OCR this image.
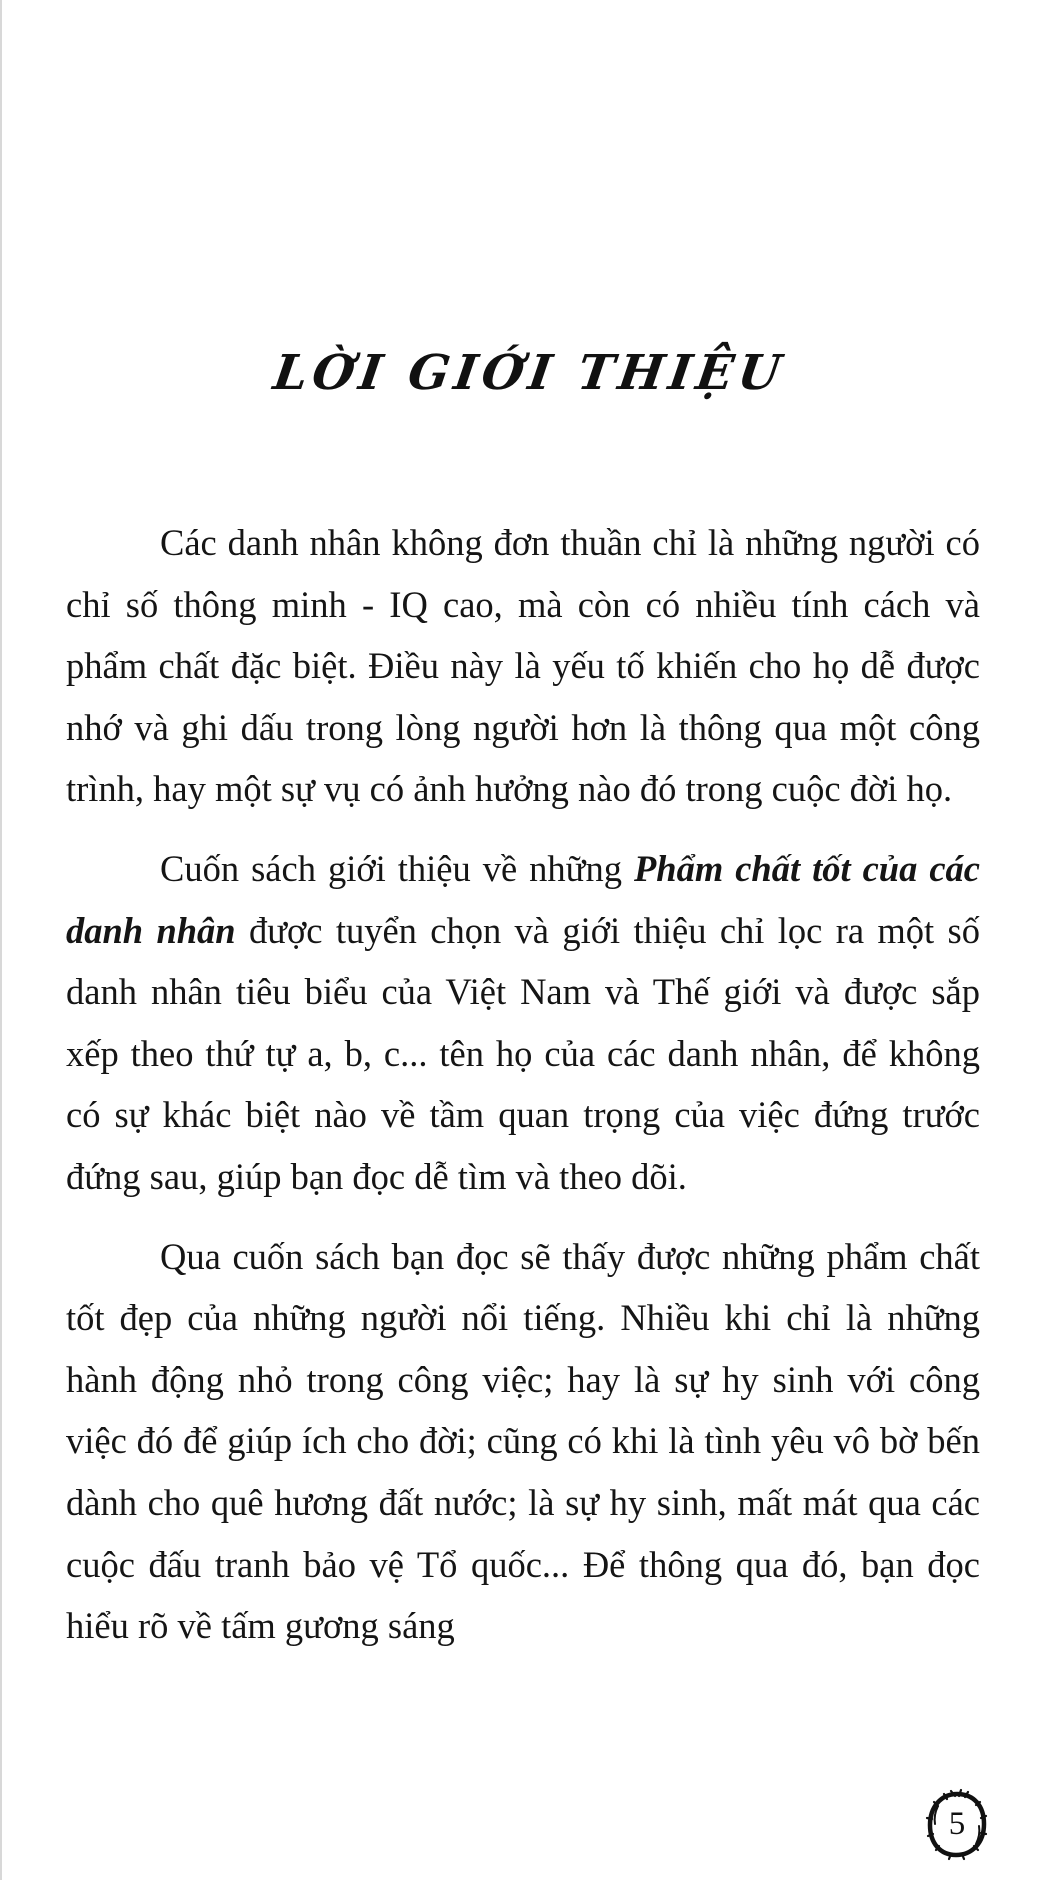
LỜI GIỚI THIỆU

Các danh nhân không đơn thuần chỉ là những người có chỉ số thông minh - IQ cao, mà còn có nhiều tính cách và phẩm chất đặc biệt. Điều này là yếu tố khiến cho họ dễ được nhớ và ghi dấu trong lòng người hơn là thông qua một công trình, hay một sự vụ có ảnh hưởng nào đó trong cuộc đời họ.

Cuốn sách giới thiệu về những Phẩm chất tốt của các danh nhân được tuyển chọn và giới thiệu chỉ lọc ra một số danh nhân tiêu biểu của Việt Nam và Thế giới và được sắp xếp theo thứ tự a, b, c... tên họ của các danh nhân, để không có sự khác biệt nào về tầm quan trọng của việc đứng trước đứng sau, giúp bạn đọc dễ tìm và theo dõi.

Qua cuốn sách bạn đọc sẽ thấy được những phẩm chất tốt đẹp của những người nổi tiếng. Nhiều khi chỉ là những hành động nhỏ trong công việc; hay là sự hy sinh với công việc đó để giúp ích cho đời; cũng có khi là tình yêu vô bờ bến dành cho quê hương đất nước; là sự hy sinh, mất mát qua các cuộc đấu tranh bảo vệ Tổ quốc... Để thông qua đó, bạn đọc hiểu rõ về tấm gương sáng

5
